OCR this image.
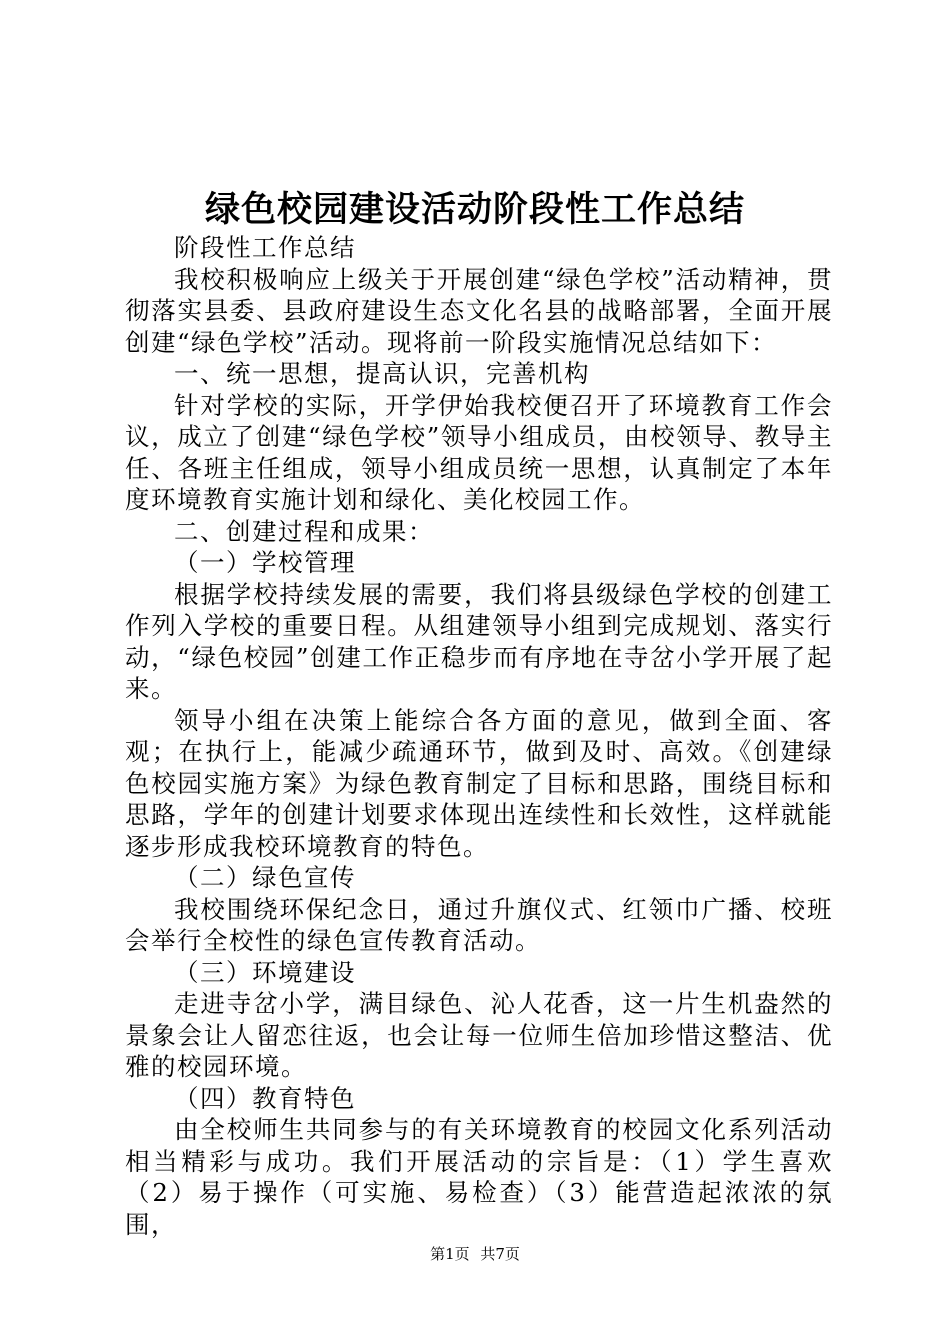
绿色校园建设活动阶段性工作总结

阶段性工作总结

我校积极响应上级关于开展创建“绿色学校”活动精神，贯彻落实县委、县政府建设生态文化名县的战略部署，全面开展创建“绿色学校”活动。现将前一阶段实施情况总结如下：

一、统一思想，提高认识，完善机构

针对学校的实际，开学伊始我校便召开了环境教育工作会议，成立了创建“绿色学校”领导小组成员，由校领导、教导主任、各班主任组成，领导小组成员统一思想，认真制定了本年度环境教育实施计划和绿化、美化校园工作。

二、创建过程和成果：

（一）学校管理

根据学校持续发展的需要，我们将县级绿色学校的创建工作列入学校的重要日程。从组建领导小组到完成规划、落实行动，“绿色校园”创建工作正稳步而有序地在寺岔小学开展了起来。

领导小组在决策上能综合各方面的意见，做到全面、客观；在执行上，能减少疏通环节，做到及时、高效。《创建绿色校园实施方案》为绿色教育制定了目标和思路，围绕目标和思路，学年的创建计划要求体现出连续性和长效性，这样就能逐步形成我校环境教育的特色。

（二）绿色宣传

我校围绕环保纪念日，通过升旗仪式、红领巾广播、校班会举行全校性的绿色宣传教育活动。

（三）环境建设

走进寺岔小学，满目绿色、沁人花香，这一片生机盎然的景象会让人留恋往返，也会让每一位师生倍加珍惜这整洁、优雅的校园环境。

（四）教育特色

由全校师生共同参与的有关环境教育的校园文化系列活动相当精彩与成功。我们开展活动的宗旨是：（1）学生喜欢（2）易于操作（可实施、易检查）（3）能营造起浓浓的氛围，

第1页 共7页
